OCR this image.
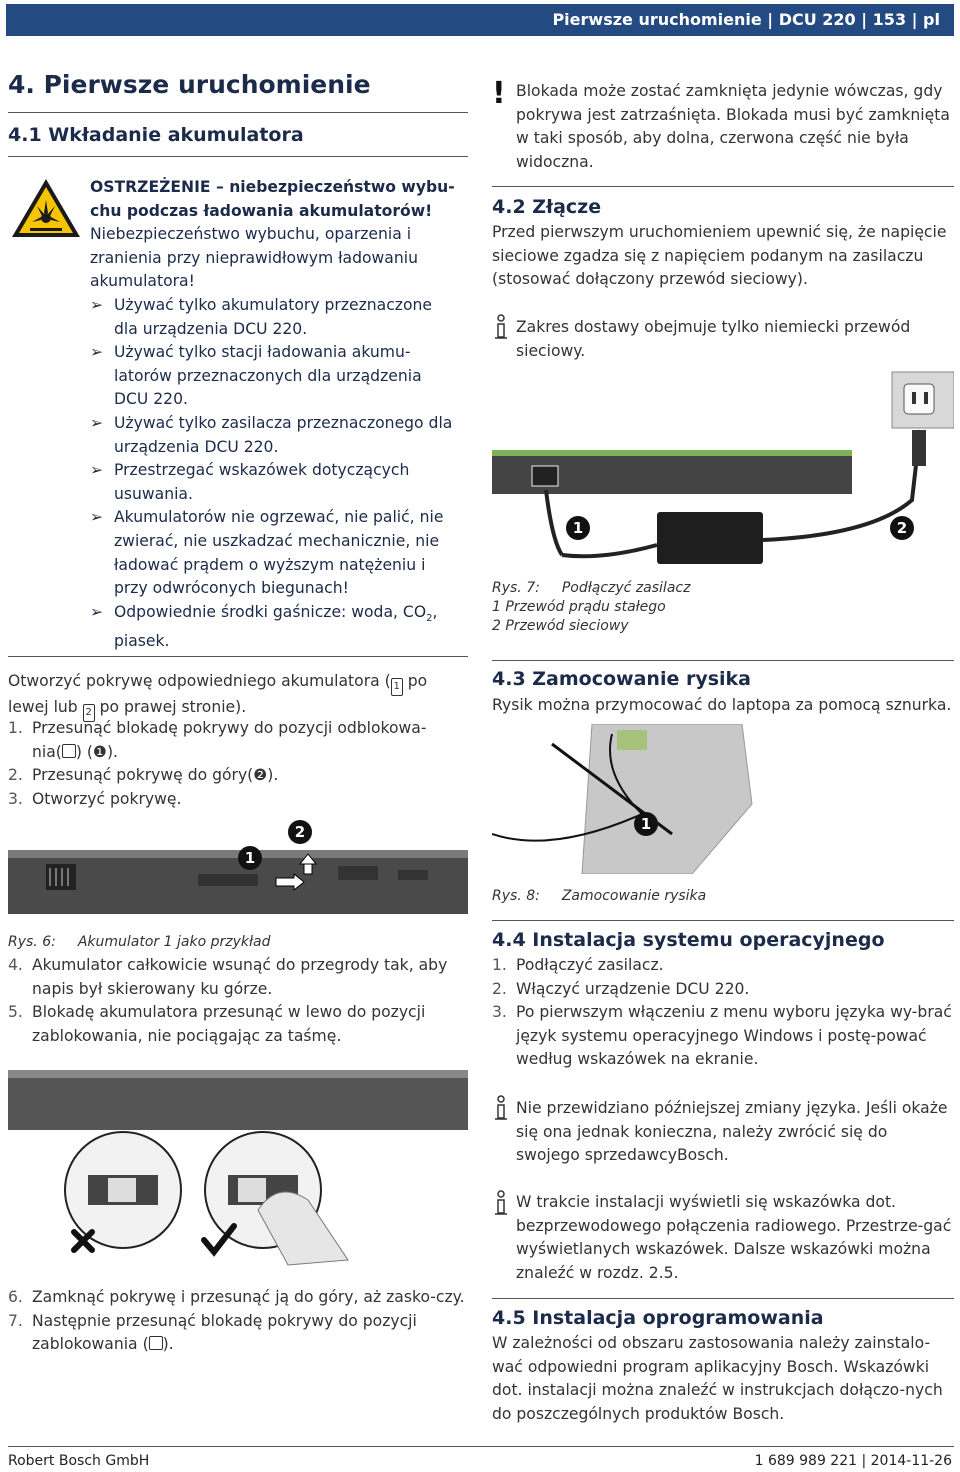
Pierwsze uruchomienie | DCU 220 | 153 | pl
4. Pierwsze uruchomienie
4.1 Wkładanie akumulatora
OSTRZEŻENIE – niebezpieczeństwo wybu-
chu podczas ładowania akumulatorów!
Niebezpieczeństwo wybuchu, oparzenia i zranienia przy nieprawidłowym ładowaniu akumulatora!
➢ Używać tylko akumulatory przeznaczone dla urządzenia DCU 220.
➢ Używać tylko stacji ładowania akumu-latorów przeznaczonych dla urządzenia DCU 220.
➢ Używać tylko zasilacza przeznaczonego dla urządzenia DCU 220.
➢ Przestrzegać wskazówek dotyczących usuwania.
➢ Akumulatorów nie ogrzewać, nie palić, nie zwierać, nie uszkadzać mechanicznie, nie ładować prądem o wyższym natężeniu i przy odwróconych biegunach!
➢ Odpowiednie środki gaśnicze: woda, $CO_2$,
piasek.
Otworzyć pokrywę odpowiedniego akumulatora ( 1 po
lewej lub 2 po prawej stronie).
1. Przesunąć blokadę pokrywy do pozycji odblokowa-
nia( ) (❶).
2. Przesunąć pokrywę do góry(❷).
3. Otworzyć pokrywę.
1
2
Rys. 6: Akumulator 1 jako przykład
4. Akumulator całkowicie wsunąć do przegrody tak, aby napis był skierowany ku górze.
5. Blokadę akumulatora przesunąć w lewo do pozycji zablokowania, nie pociągając za taśmę.
6. Zamknąć pokrywę i przesunąć ją do góry, aż zasko-czy.
7. Następnie przesunąć blokadę pokrywy do pozycji
zablokowania ( ).
! Blokada może zostać zamknięta jedynie wówczas, gdy pokrywa jest zatrzaśnięta. Blokada musi być zamknięta w taki sposób, aby dolna, czerwona część nie była widoczna.
4.2 Złącze
Przed pierwszym uruchomieniem upewnić się, że napięcie sieciowe zgadza się z napięciem podanym na zasilaczu (stosować dołączony przewód sieciowy).
Zakres dostawy obejmuje tylko niemiecki przewód sieciowy.
1	2
Rys. 7: Podłączyć zasilacz
1 Przewód prądu stałego
2 Przewód sieciowy
4.3 Zamocowanie rysika
Rysik można przymocować do laptopa za pomocą sznurka.
1
Rys. 8: Zamocowanie rysika
4.4 Instalacja systemu operacyjnego
1. Podłączyć zasilacz.
2. Włączyć urządzenie DCU 220.
3. Po pierwszym włączeniu z menu wyboru języka wy-brać język systemu operacyjnego Windows i postę-pować według wskazówek na ekranie.
Nie przewidziano późniejszej zmiany języka. Jeśli okaże się ona jednak konieczna, należy zwrócić się do swojego sprzedawcyBosch.
W trakcie instalacji wyświetli się wskazówka dot. bezprzewodowego połączenia radiowego. Przestrze-gać wyświetlanych wskazówek. Dalsze wskazówki można znaleźć w rozdz. 2.5.
4.5 Instalacja oprogramowania
W zależności od obszaru zastosowania należy zainstalo-wać odpowiedni program aplikacyjny Bosch. Wskazówki dot. instalacji można znaleźć w instrukcjach dołączo-nych do poszczególnych produktów Bosch.
Robert Bosch GmbH	1 689 989 221 | 2014-11-26
